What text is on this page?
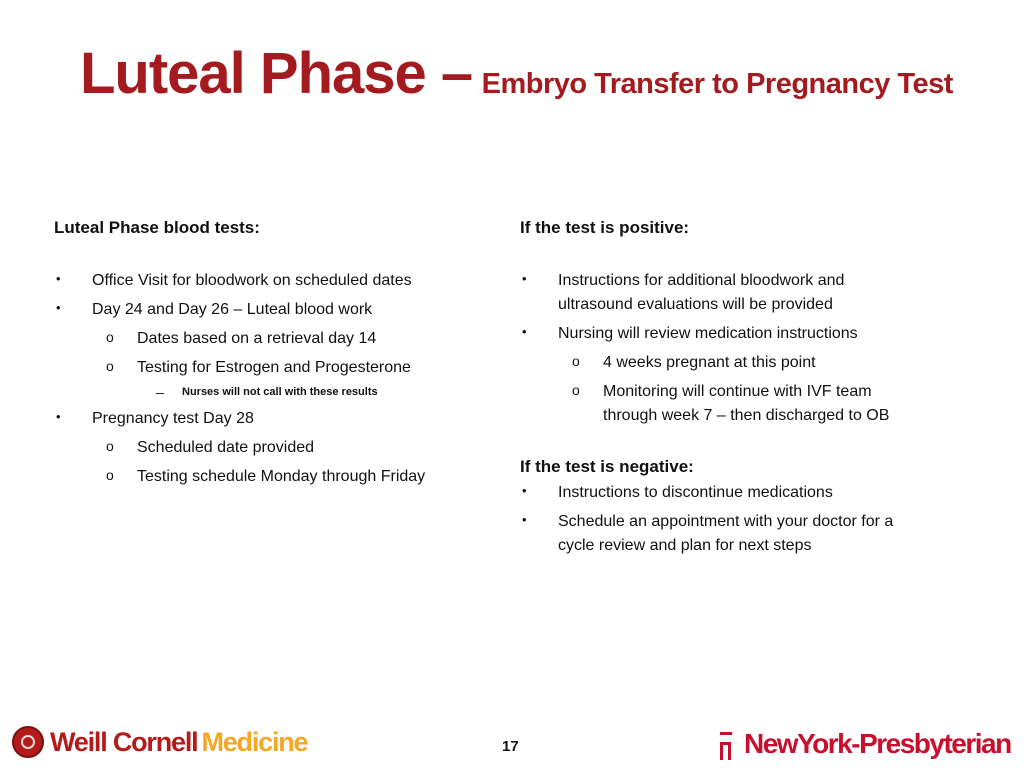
Luteal Phase – Embryo Transfer to Pregnancy Test
Luteal Phase blood tests:
• Office Visit for bloodwork on scheduled dates
• Day 24 and Day 26 – Luteal blood work
o Dates based on a retrieval day 14
o Testing for Estrogen and Progesterone
– Nurses will not call with these results
• Pregnancy test Day 28
o Scheduled date provided
o Testing schedule Monday through Friday
If the test is positive:
• Instructions for additional bloodwork and ultrasound evaluations will be provided
• Nursing will review medication instructions
o 4 weeks pregnant at this point
o Monitoring will continue with IVF team through week 7 – then discharged to OB
If the test is negative:
• Instructions to discontinue medications
• Schedule an appointment with your doctor for a cycle review and plan for next steps
Weill Cornell Medicine	17	NewYork-Presbyterian
